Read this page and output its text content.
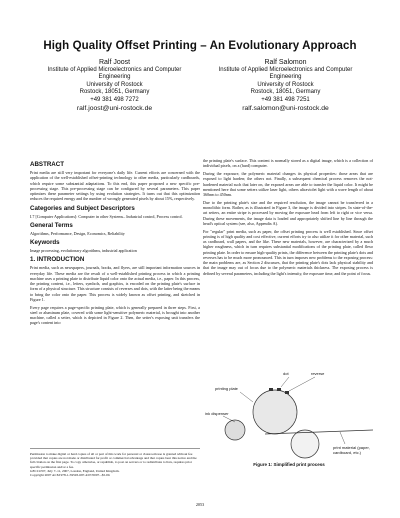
High Quality Offset Printing – An Evolutionary Approach
Ralf Joost
Institute of Applied Microelectronics and Computer
Engineering
University of Rostock
Rostock, 18051, Germany
+49 381 498 7272
ralf.joost@uni-rostock.de
Ralf Salomon
Institute of Applied Microelectronics and Computer
Engineering
University of Rostock
Rostock, 18051, Germany
+49 381 498 7251
ralf.salomon@uni-rostock.de
ABSTRACT

Print media are still very important for everyone's daily life. Current efforts are concerned with the application of the well-established offset-printing technology to other media, particularly cardboards, which require some substantial adaptations. To this end, this paper proposed a new specific pre-processing stage. This pre-processing stage can be configured by several parameters. This paper optimizes these parameter settings by using evolution strategies. It turns out that this optimization reduces the required energy and the number of wrongly generated pixels by about 15%, respectively.

Categories and Subject Descriptors

I.7 [Computer Applications]: Computer in other Systems– Industrial control, Process control.

General Terms

Algorithms, Performance, Design, Economics, Reliability

Keywords

Image processing, evolutionary algorithms, industrial application

1. INTRODUCTION

Print media, such as newspapers, journals, books, and flyers, are still important information sources in everyday life. These media are the result of a well-established printing process in which a printing machine uses a printing plate to distribute liquid color onto the actual media, i.e., paper. In this process, the printing content, i.e., letters, symbols, and graphics, is encoded on the printing plate's surface in form of a physical structure. This structure consists of reverses and dots, with the latter being the means to bring the color onto the paper. This process is widely known as offset printing, and sketched in Figure 1.

Every page requires a page-specific printing plate, which is generally prepared in three steps. First, a steel or aluminum plate, covered with some light-sensitive polymeric material, is brought into another machine, called a setter, which is depicted in Figure 2. Then, the setter's exposing unit transfers the page's content into

Permission to make digital or hard copies of all or part of this work for personal or classroom use is granted without fee provided that copies are not made or distributed for profit or commercial advantage and that copies bear this notice and the full citation on the first page. To copy otherwise, or republish, to post on servers or to redistribute to lists, requires prior specific permission and/or a fee.
GECCO'07, July 7–11, 2007, London, England, United Kingdom.
Copyright 2007 ACM 978-1-59593-697-4/07/0007...$5.00.

the printing plate's surface. This content is normally stored as a digital image, which is a collection of individual pixels, on a (hard) computer.

During the exposure, the polymeric material changes its physical properties: those areas that are exposed to light harden; the others not. Finally, a subsequent chemical process removes the not-hardened material such that later on, the exposed areas are able to transfer the liquid color. It might be mentioned here that some setters utilize laser light, others ultraviolet light with a wave length of about 360nm to 450nm.

Due to the printing plate's size and the required resolution, the image cannot be transferred in a monolithic form. Rather, as is illustrated in Figure 3, the image is divided into stripes. In state-of-the-art setters, an entire stripe is processed by moving the exposure head from left to right or vice versa. During these movements, the image data is loaded and appropriately shifted line by line through the head's optical system (see, also, Appendix A).

For "regular" print media, such as paper, the offset printing process is well established. Since offset printing is of high quality and cost effective, current efforts try to also utilize it for other material, such as cardboard, wall papers, and the like. These new materials, however, are characterized by a much higher roughness, which in turn requires substantial modifications of the printing plate, called flexo printing plate. In order to ensure high-quality prints, the difference between the printing plate's dots and reverses has to be much more pronounced. This in turn imposes new problems to the exposing process: the main problems are, as Section 2 discusses, that the printing plate's dots lack physical stability and that the image may out of focus due to the polymeric materials thickness. The exposing process is defined by several parameters, including the light's intensity, the exposure time, and the point of focus.

dot	reverse
printing plate
ink dispenser
print material (paper, cardboard, etc.)
Figure 1: Simplified print process
2053
